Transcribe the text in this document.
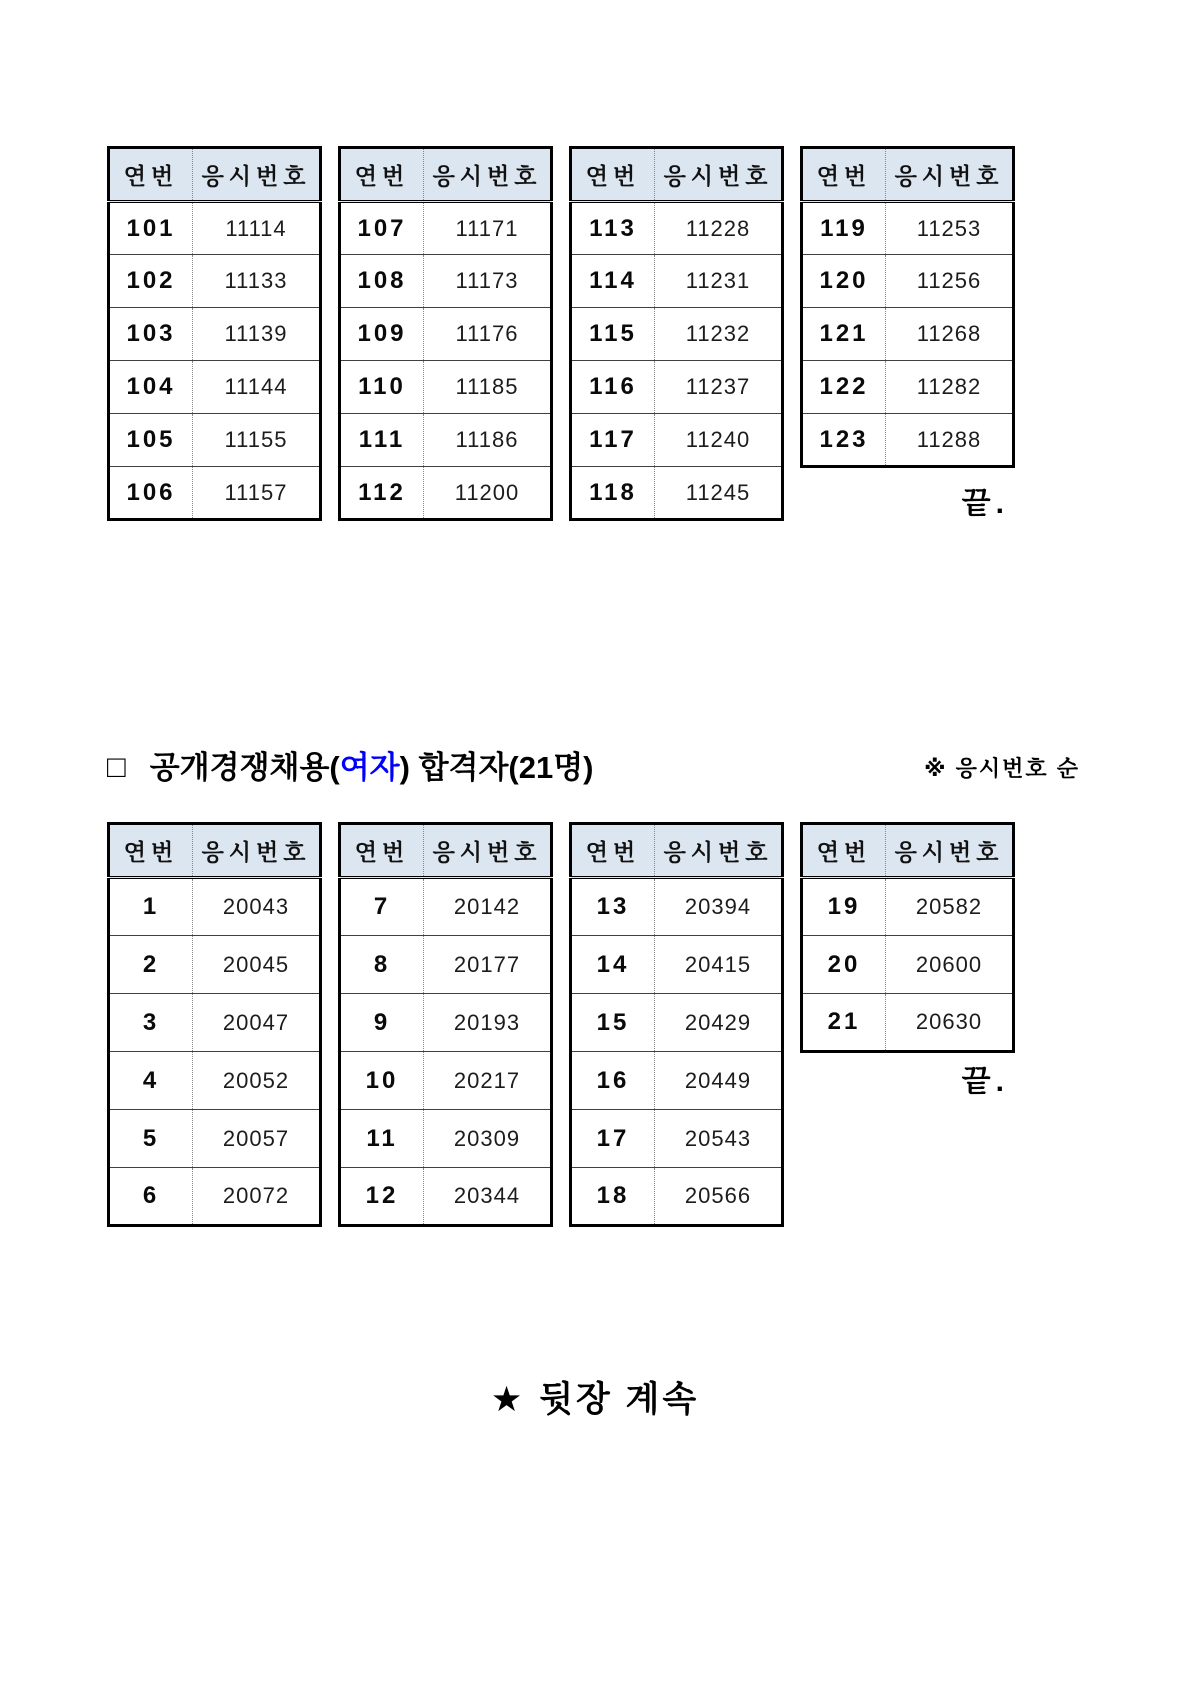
연번	응시번호
101	11114
102	11133
103	11139
104	11144
105	11155
106	11157
연번	응시번호
107	11171
108	11173
109	11176
110	11185
111	11186
112	11200
연번	응시번호
113	11228
114	11231
115	11232
116	11237
117	11240
118	11245
연번	응시번호
119	11253
120	11256
121	11268
122	11282
123	11288
끝.
□ 공개경쟁채용(여자) 합격자(21명)	※ 응시번호 순
연번	응시번호
1	20043
2	20045
3	20047
4	20052
5	20057
6	20072
연번	응시번호
7	20142
8	20177
9	20193
10	20217
11	20309
12	20344
연번	응시번호
13	20394
14	20415
15	20429
16	20449
17	20543
18	20566
연번	응시번호
19	20582
20	20600
21	20630
끝.
★ 뒷장 계속
